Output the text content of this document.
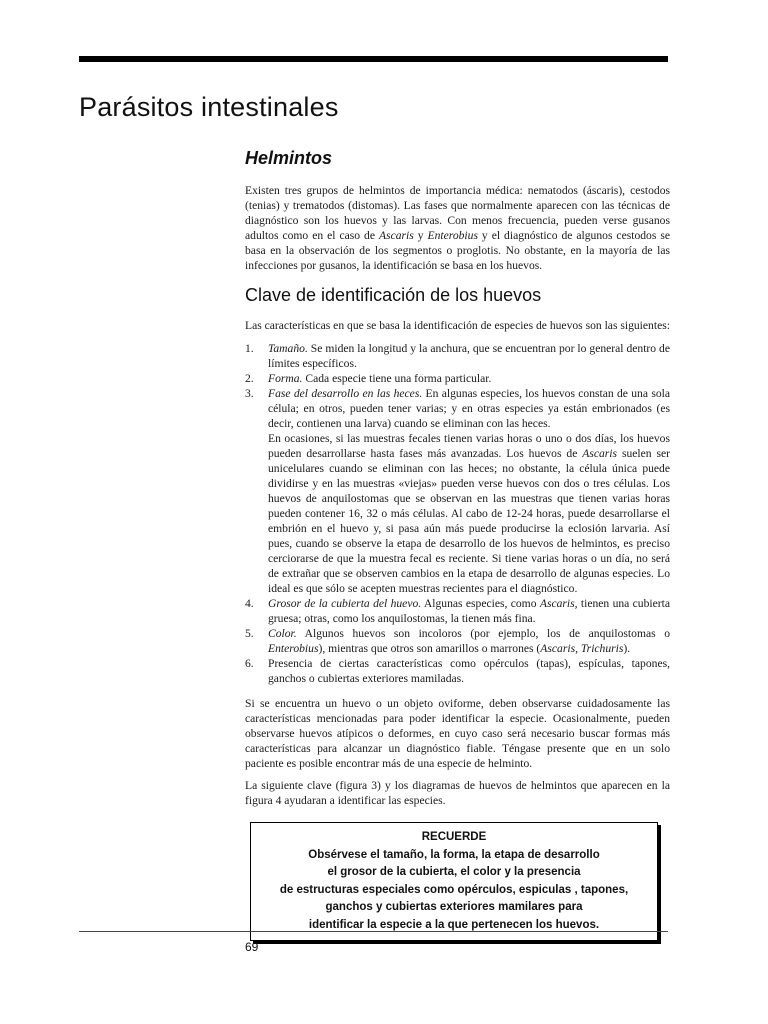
Parásitos intestinales
Helmintos

Existen tres grupos de helmintos de importancia médica: nematodos (áscaris), cestodos (tenias) y trematodos (distomas). Las fases que normalmente aparecen con las técnicas de diagnóstico son los huevos y las larvas. Con menos frecuencia, pueden verse gusanos adultos como en el caso de Ascaris y Enterobius y el diagnóstico de algunos cestodos se basa en la observación de los segmentos o proglotis. No obstante, en la mayoría de las infecciones por gusanos, la identificación se basa en los huevos.

Clave de identificación de los huevos

Las características en que se basa la identificación de especies de huevos son las siguientes:

1. Tamaño. Se miden la longitud y la anchura, que se encuentran por lo general dentro de límites específicos.
2. Forma. Cada especie tiene una forma particular.
3. Fase del desarrollo en las heces. En algunas especies, los huevos constan de una sola célula; en otros, pueden tener varias; y en otras especies ya están embrionados (es decir, contienen una larva) cuando se eliminan con las heces.

En ocasiones, si las muestras fecales tienen varias horas o uno o dos días, los huevos pueden desarrollarse hasta fases más avanzadas. Los huevos de Ascaris suelen ser unicelulares cuando se eliminan con las heces; no obstante, la célula única puede dividirse y en las muestras «viejas» pueden verse huevos con dos o tres células. Los huevos de anquilostomas que se observan en las muestras que tienen varias horas pueden contener 16, 32 o más células. Al cabo de 12-24 horas, puede desarrollarse el embrión en el huevo y, si pasa aún más puede producirse la eclosión larvaria. Así pues, cuando se observe la etapa de desarrollo de los huevos de helmintos, es preciso cerciorarse de que la muestra fecal es reciente. Si tiene varias horas o un día, no será de extrañar que se observen cambios en la etapa de desarrollo de algunas especies. Lo ideal es que sólo se acepten muestras recientes para el diagnóstico.

4. Grosor de la cubierta del huevo. Algunas especies, como Ascaris, tienen una cubierta gruesa; otras, como los anquilostomas, la tienen más fina.
5. Color. Algunos huevos son incoloros (por ejemplo, los de anquilostomas o Enterobius), mientras que otros son amarillos o marrones (Ascaris, Trichuris).
6. Presencia de ciertas características como opérculos (tapas), espículas, tapones, ganchos o cubiertas exteriores mamiladas.

Si se encuentra un huevo o un objeto oviforme, deben observarse cuidadosamente las características mencionadas para poder identificar la especie. Ocasionalmente, pueden observarse huevos atípicos o deformes, en cuyo caso será necesario buscar formas más características para alcanzar un diagnóstico fiable. Téngase presente que en un solo paciente es posible encontrar más de una especie de helminto.

La siguiente clave (figura 3) y los diagramas de huevos de helmintos que aparecen en la figura 4 ayudaran a identificar las especies.

RECUERDE
Obsérvese el tamaño, la forma, la etapa de desarrollo
el grosor de la cubierta, el color y la presencia
de estructuras especiales como opérculos, espiculas , tapones,
ganchos y cubiertas exteriores mamilares para
identificar la especie a la que pertenecen los huevos.
69
